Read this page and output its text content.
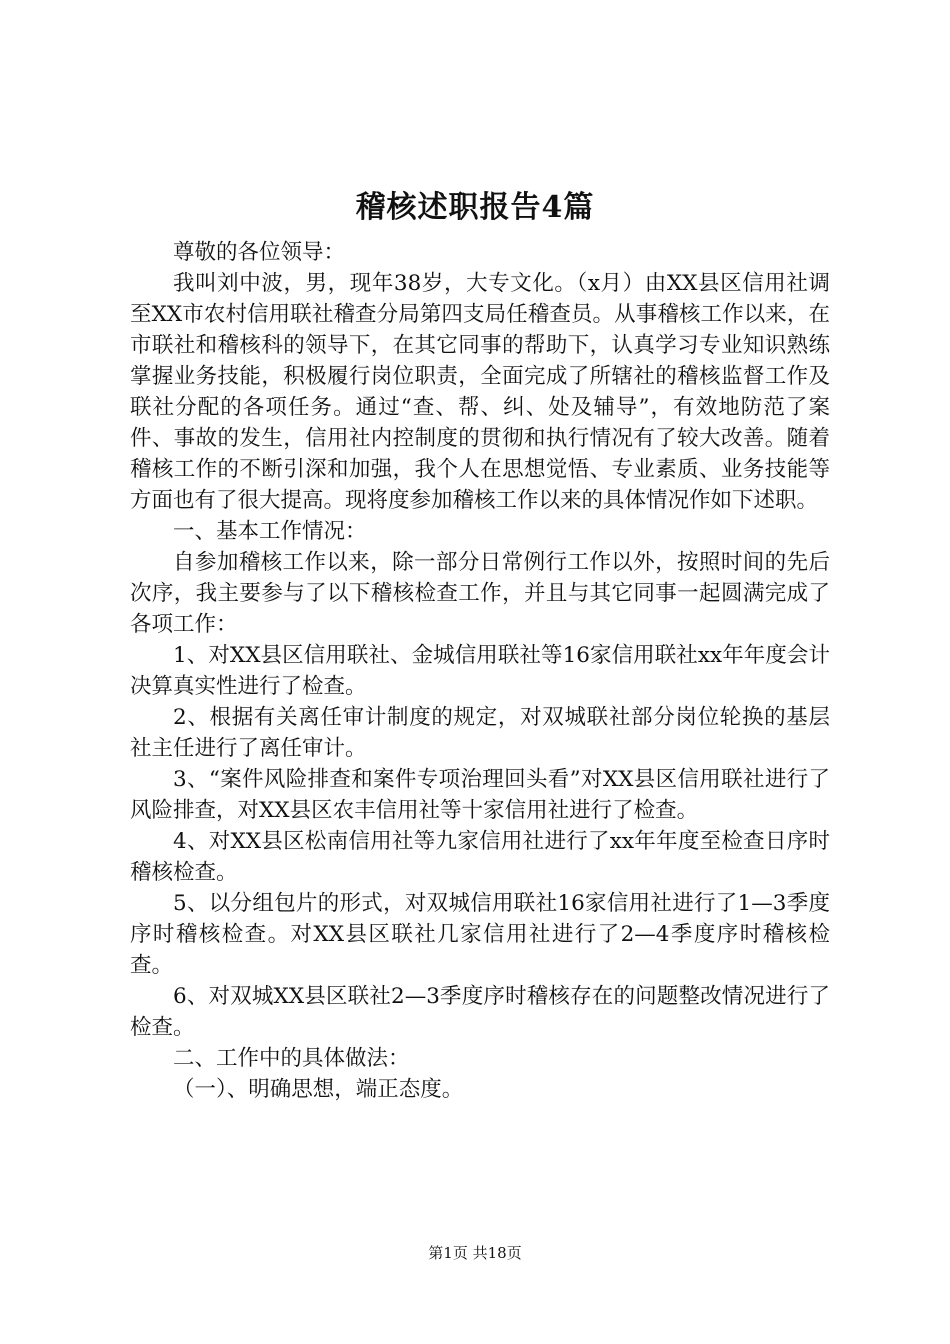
稽核述职报告4篇

尊敬的各位领导：

我叫刘中波，男，现年38岁，大专文化。（x月）由XX县区信用社调至XX市农村信用联社稽查分局第四支局任稽查员。从事稽核工作以来，在市联社和稽核科的领导下，在其它同事的帮助下，认真学习专业知识熟练掌握业务技能，积极履行岗位职责，全面完成了所辖社的稽核监督工作及联社分配的各项任务。通过“查、帮、纠、处及辅导”，有效地防范了案件、事故的发生，信用社内控制度的贯彻和执行情况有了较大改善。随着稽核工作的不断引深和加强，我个人在思想觉悟、专业素质、业务技能等方面也有了很大提高。现将度参加稽核工作以来的具体情况作如下述职。

一、基本工作情况：

自参加稽核工作以来，除一部分日常例行工作以外，按照时间的先后次序，我主要参与了以下稽核检查工作，并且与其它同事一起圆满完成了各项工作：

1、对XX县区信用联社、金城信用联社等16家信用联社xx年年度会计决算真实性进行了检查。

2、根据有关离任审计制度的规定，对双城联社部分岗位轮换的基层社主任进行了离任审计。

3、“案件风险排查和案件专项治理回头看”对XX县区信用联社进行了风险排查，对XX县区农丰信用社等十家信用社进行了检查。

4、对XX县区松南信用社等九家信用社进行了xx年年度至检查日序时稽核检查。

5、以分组包片的形式，对双城信用联社16家信用社进行了1—3季度序时稽核检查。对XX县区联社几家信用社进行了2—4季度序时稽核检查。

6、对双城XX县区联社2—3季度序时稽核存在的问题整改情况进行了检查。

二、工作中的具体做法：

（一）、明确思想，端正态度。

第1页 共18页
